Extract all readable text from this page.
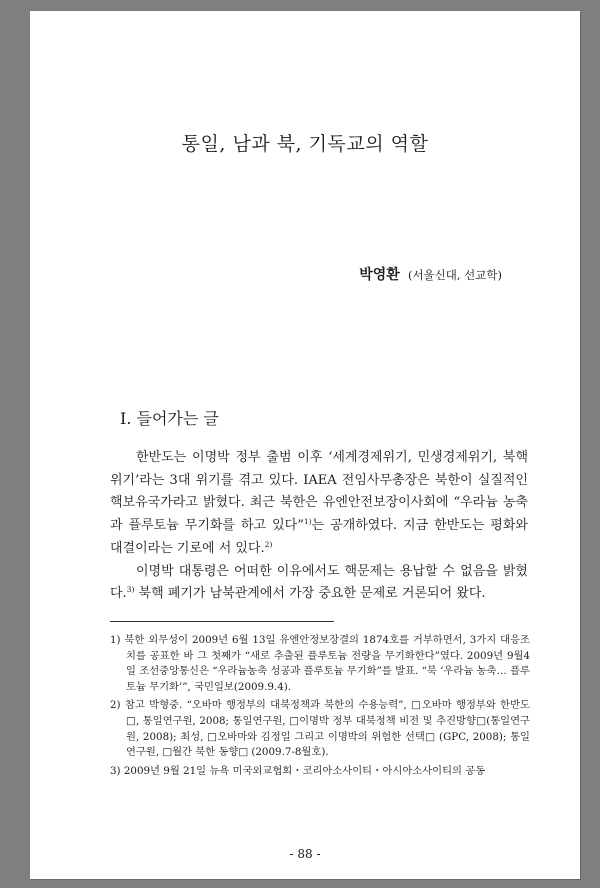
통일, 남과 북, 기독교의 역할
박영환 (서울신대, 선교학)
I. 들어가는 글

한반도는 이명박 정부 출범 이후 ‘세계경제위기, 민생경제위기, 북핵위기’라는 3대 위기를 겪고 있다. IAEA 전임사무총장은 북한이 실질적인 핵보유국가라고 밝혔다. 최근 북한은 유엔안전보장이사회에 “우라늄 농축과 플루토늄 무기화를 하고 있다”$^{1)}$는 공개하였다. 지금 한반도는 평화와 대결이라는 기로에 서 있다.$^{2)}$

이명박 대통령은 어떠한 이유에서도 핵문제는 용납할 수 없음을 밝혔다.$^{3)}$ 북핵 폐기가 남북관계에서 가장 중요한 문제로 거론되어 왔다.

1) 북한 외무성이 2009년 6월 13일 유엔안정보장결의 1874호를 거부하면서, 3가지 대응조치를 공표한 바 그 첫째가 “새로 추출된 플루토늄 전량을 무기화한다”였다. 2009년 9월4일 조선중앙통신은 “우라늄농축 성공과 플루토늄 무기화”를 발표. “북 ‘우라늄 농축… 플루토늄 무기화’”, 국민일보(2009.9.4).

2) 참고 박형중. “오바마 행정부의 대북정책과 북한의 수용능력”, □오바마 행정부와 한반도□, 통일연구원, 2008; 통일연구원, □이명박 정부 대북정책 비전 및 추진방향□(통일연구원, 2008); 최성, □오바마와 김정일 그리고 이명박의 위험한 선택□ (GPC, 2008); 통일연구원, □월간 북한 동향□ (2009.7-8월호).

3) 2009년 9월 21일 뉴욕 미국외교협회・코리아소사이티・아시아소사이티의 공동

- 88 -
